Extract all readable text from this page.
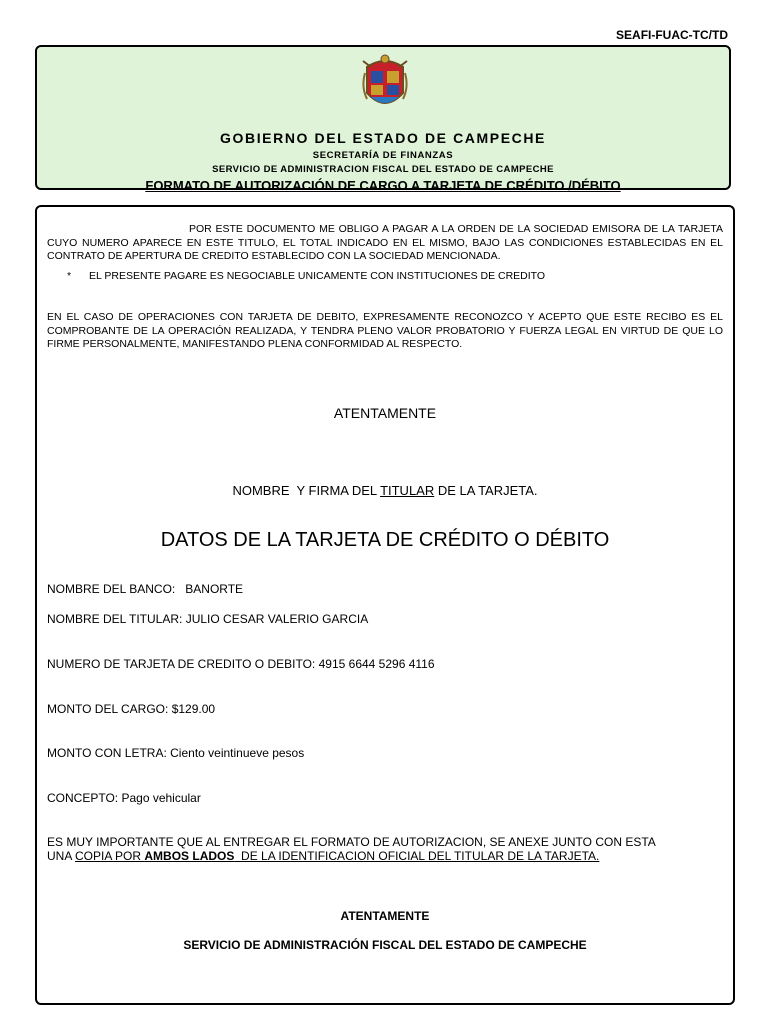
SEAFI-FUAC-TC/TD
GOBIERNO DEL ESTADO DE CAMPECHE
SECRETARÍA DE FINANZAS
SERVICIO DE ADMINISTRACION FISCAL DEL ESTADO DE CAMPECHE
FORMATO DE AUTORIZACIÓN DE CARGO A TARJETA DE CRÉDITO /DÉBITO
POR ESTE DOCUMENTO ME OBLIGO A PAGAR A LA ORDEN DE LA SOCIEDAD EMISORA DE LA TARJETA CUYO NUMERO APARECE EN ESTE TITULO, EL TOTAL INDICADO EN EL MISMO, BAJO LAS CONDICIONES ESTABLECIDAS EN EL CONTRATO DE APERTURA DE CREDITO ESTABLECIDO CON LA SOCIEDAD MENCIONADA.
* EL PRESENTE PAGARE ES NEGOCIABLE UNICAMENTE CON INSTITUCIONES DE CREDITO
EN EL CASO DE OPERACIONES CON TARJETA DE DEBITO, EXPRESAMENTE RECONOZCO Y ACEPTO QUE ESTE RECIBO ES EL COMPROBANTE DE LA OPERACIÓN REALIZADA, Y TENDRA PLENO VALOR PROBATORIO Y FUERZA LEGAL EN VIRTUD DE QUE LO FIRME PERSONALMENTE, MANIFESTANDO PLENA CONFORMIDAD AL RESPECTO.
ATENTAMENTE
NOMBRE  Y FIRMA DEL TITULAR DE LA TARJETA.
DATOS DE LA TARJETA DE CRÉDITO O DÉBITO
NOMBRE DEL BANCO: BANORTE
NOMBRE DEL TITULAR: JULIO CESAR VALERIO GARCIA
NUMERO DE TARJETA DE CREDITO O DEBITO: 4915 6644 5296 4116
MONTO DEL CARGO: $129.00
MONTO CON LETRA: Ciento veintinueve pesos
CONCEPTO: Pago vehicular
ES MUY IMPORTANTE QUE AL ENTREGAR EL FORMATO DE AUTORIZACION, SE ANEXE JUNTO CON ESTA
UNA COPIA POR AMBOS LADOS  DE LA IDENTIFICACION OFICIAL DEL TITULAR DE LA TARJETA.
ATENTAMENTE
SERVICIO DE ADMINISTRACIÓN FISCAL DEL ESTADO DE CAMPECHE
